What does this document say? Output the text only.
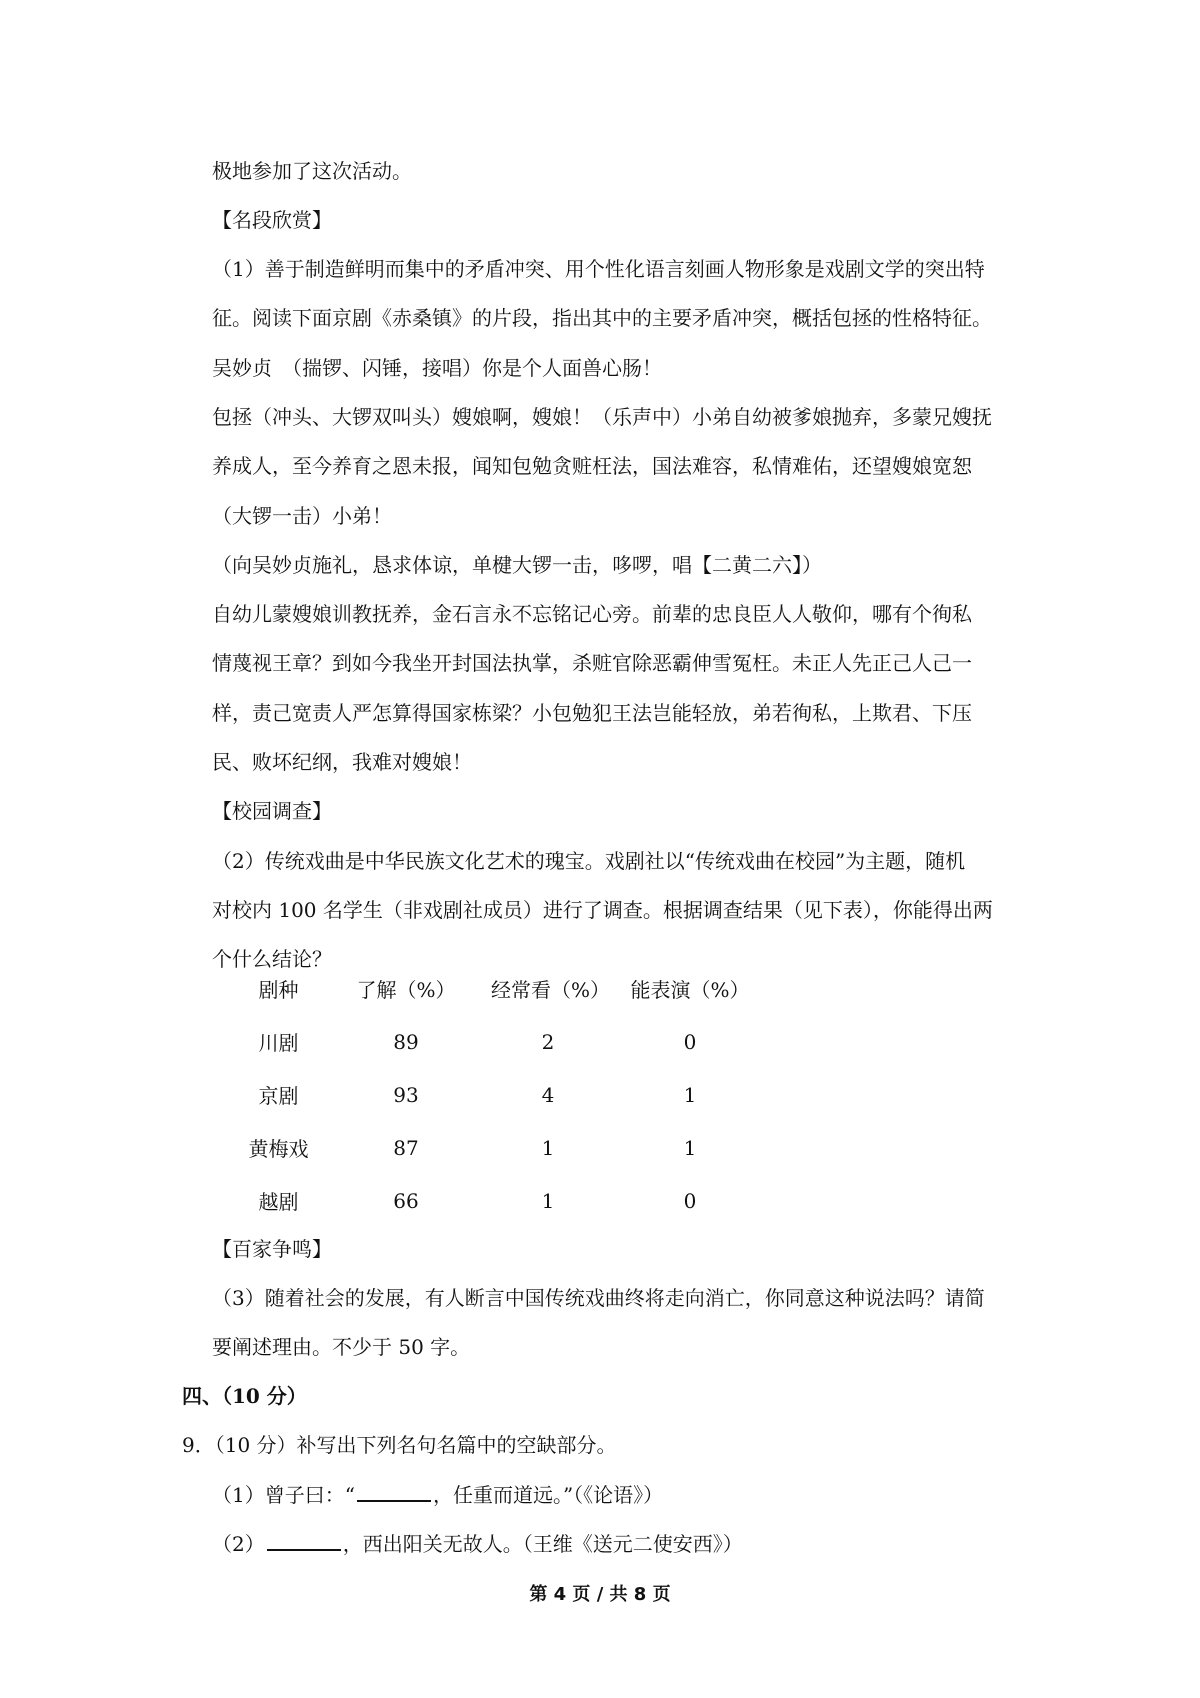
极地参加了这次活动。
【名段欣赏】
（1）善于制造鲜明而集中的矛盾冲突、用个性化语言刻画人物形象是戏剧文学的突出特
征。阅读下面京剧《赤桑镇》的片段，指出其中的主要矛盾冲突，概括包拯的性格特征。
吴妙贞　（揣锣、闪锤，接唱）你是个人面兽心肠！
包拯（冲头、大锣双叫头）嫂娘啊，嫂娘！（乐声中）小弟自幼被爹娘抛弃，多蒙兄嫂抚
养成人，至今养育之恩未报，闻知包勉贪赃枉法，国法难容，私情难佑，还望嫂娘宽恕
（大锣一击）小弟！
（向吴妙贞施礼，恳求体谅，单楗大锣一击，哆啰，唱【二黄二六】）
自幼儿蒙嫂娘训教抚养，金石言永不忘铭记心旁。前辈的忠良臣人人敬仰，哪有个徇私
情蔑视王章？到如今我坐开封国法执掌，杀赃官除恶霸伸雪冤枉。未正人先正己人己一
样，责己宽责人严怎算得国家栋梁？小包勉犯王法岂能轻放，弟若徇私，上欺君、下压
民、败坏纪纲，我难对嫂娘！
【校园调查】
（2）传统戏曲是中华民族文化艺术的瑰宝。戏剧社以“传统戏曲在校园”为主题，随机
对校内 100 名学生（非戏剧社成员）进行了调查。根据调查结果（见下表），你能得出两
个什么结论？
剧种	了解（%）	经常看（%）	能表演（%）
川剧	89	2	0
京剧	93	4	1
黄梅戏	87	1	1
越剧	66	1	0
【百家争鸣】
（3）随着社会的发展，有人断言中国传统戏曲终将走向消亡，你同意这种说法吗？请简
要阐述理由。不少于 50 字。
四、（10 分）
9．（10 分）补写出下列名句名篇中的空缺部分。
（1）曾子曰：“	，任重而道远。”（《论语》）
（2）	，西出阳关无故人。（王维《送元二使安西》）
第 4 页 / 共 8 页
